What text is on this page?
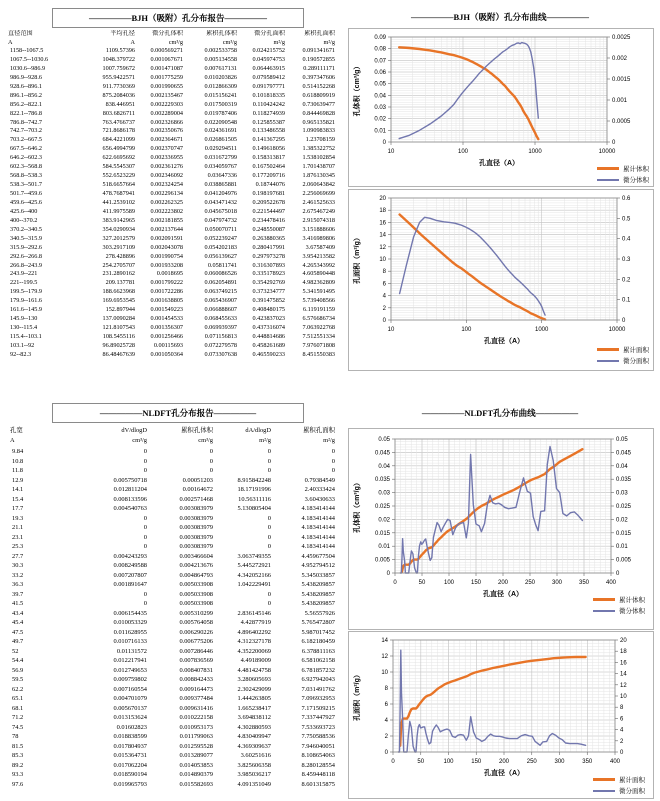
—————BJH（吸附）孔分布报告—————
直径范围	平均孔径	微分孔体积	累积孔体积	微分孔面积	累积孔面积
A	A	cm³/g	cm³/g	m²/g	m²/g
1158--1067.5	1109.57396	0.000569271	0.002533758	0.024215752	0.091341671
1067.5--1030.6	1048.379722	0.001067671	0.005134558	0.045974753	0.190572855
1030.6--986.9	1007.759672	0.001471087	0.007617131	0.064463915	0.289111171
986.9--928.6	955.9422571	0.001775259	0.010203826	0.079589412	0.397347606
928.6--896.1	911.7730369	0.001990655	0.012866309	0.091797771	0.514152268
896.1--856.2	875.2084036	0.002135467	0.015156241	0.101818335	0.618809919
856.2--822.1	838.446951	0.002229303	0.017500319	0.110424242	0.730639477
822.1--786.8	803.6826711	0.002289004	0.019787406	0.118274939	0.844469828
786.8--742.7	763.4766737	0.002326866	0.022090548	0.125855387	0.965135821
742.7--703.2	721.8686178	0.002350676	0.024361691	0.133486558	1.090983833
703.2--667.5	684.4221099	0.002364671	0.026861505	0.141367295	1.23708159
667.5--646.2	656.4994799	0.002370747	0.029294511	0.149618056	1.385322752
646.2--602.3	622.6695692	0.002336955	0.031672799	0.158313817	1.538102854
602.3--568.8	584.5545307	0.002361276	0.034059767	0.167502464	1.701438707
568.8--538.3	552.6523229	0.002346092	0.03647336	0.177209716	1.876130345
538.3--501.7	518.6657664	0.002324254	0.038865881	0.18744076	2.060643842
501.7--459.6	478.7687941	0.002296134	0.041204976	0.198197681	2.256069699
459.6--425.6	441.2539102	0.002262325	0.043471432	0.209522678	2.461525633
425.6--400	411.9975589	0.002223802	0.045675018	0.221544497	2.675467249
400--370.2	383.9142965	0.002181855	0.047974732	0.234478416	2.915074318
370.2--340.5	354.0290934	0.002137644	0.050070711	0.248550087	3.151888606
340.5--315.9	327.2012579	0.002091591	0.052239247	0.263880365	3.416989806
315.9--292.6	303.2917109	0.002043078	0.054202183	0.280417991	3.67587409
292.6--266.8	278.428896	0.001990754	0.056139627	0.297973278	3.954213582
266.8--243.9	254.2705707	0.001933208	0.05811741	0.316307893	4.265343992
243.9--221	231.2890162	0.0018695	0.060086526	0.335178923	4.605890448
221--199.5	209.137781	0.001799222	0.062054891	0.354292769	4.982362809
199.5--179.9	188.6623968	0.001722286	0.063749215	0.373234777	5.341591495
179.9--161.6	169.6953545	0.001638805	0.065436907	0.391475852	5.739408566
161.6--145.9	152.897944	0.001549223	0.066888607	0.408480175	6.119191159
145.9--130	137.0090284	0.001454533	0.068455633	0.423837023	6.576686734
130--115.4	121.8107543	0.001356307	0.069939397	0.437316074	7.063922768
115.4--103.1	108.5455116	0.001256466	0.071156813	0.448814686	7.512551334
103.1--92	96.89025728	0.00115693	0.072279578	0.458261689	7.976071808
92--82.3	86.48467639	0.001050364	0.073307638	0.465590233	8.451550383
—————NLDFT孔分布报告—————
孔宽	dV/dlogD	累积孔体积	dA/dlogD	累积孔面积
A	cm³/g	cm³/g	m²/g	m²/g
9.84	0	0	0	0
10.8	0	0	0	0
11.8	0	0	0	0
12.9	0.005750718	0.00051203	8.915842248	0.79384549
14.1	0.012811204	0.00164672	18.17191996	2.40333424
15.4	0.008133596	0.002571468	10.56311116	3.60430633
17.7	0.004540763	0.003083979	5.130805404	4.183414144
19.3	0	0.003083979	0	4.183414144
21.1	0	0.003083979	0	4.183414144
23.1	0	0.003083979	0	4.183414144
25.3	0	0.003083979	0	4.183414144
27.7	0.004243293	0.003466604	3.063749355	4.459677504
30.3	0.008249588	0.004213676	5.445272921	4.952794512
33.2	0.007207807	0.004864793	4.342052166	5.345033857
36.3	0.001891647	0.005033908	1.042229491	5.438209857
39.7	0	0.005033908	0	5.438209857
41.5	0	0.005033908	0	5.438209857
43.4	0.006154435	0.005310299	2.836145146	5.56557926
45.4	0.010053329	0.005764058	4.42877919	5.765472807
47.5	0.011628955	0.006290226	4.896402292	5.987017452
49.7	0.010716133	0.006775206	4.312327178	6.182180459
52	0.01131572	0.007286446	4.352200069	6.378811163
54.4	0.012217941	0.007836569	4.49189009	6.581062158
56.9	0.012749653	0.008407831	4.481424758	6.781857232
59.5	0.009759802	0.008842433	3.280605693	6.927942043
62.2	0.007160554	0.009164473	2.302429099	7.031491762
65.1	0.004701079	0.009377484	1.444263805	7.096932953
68.1	0.005670137	0.009631416	1.665238417	7.171509215
71.2	0.013153624	0.010222158	3.694838112	7.337447927
74.5	0.01602823	0.010953173	4.302880593	7.533693723
78	0.018838599	0.011799063	4.830409947	7.750588536
81.5	0.017804937	0.012595528	4.369309637	7.946040051
85.3	0.015364731	0.013289077	3.60251616	8.108654063
89.2	0.017062204	0.014053853	3.825606358	8.280128554
93.3	0.018590194	0.014890379	3.985036217	8.459448118
97.6	0.019965793	0.015582693	4.091351049	8.601315875
—————BJH（吸附）孔分布曲线—————
0
0.01
0.02
0.03
0.04
0.05
0.06
0.07
0.08
0.09
0
0.0005
0.001
0.0015
0.002
0.0025
10	100	1000	10000
孔直径（A）
孔体积（cm³/g）
累计体积
微分体积
0
2
4
6
8
10
12
14
16
18
20
0
0.1
0.2
0.3
0.4
0.5
0.6
10	100	1000	10000
孔直径（A）
孔面积（m²/g）
累计面积
微分面积
—————NLDFT孔分布曲线—————
0
0.005
0.01
0.015
0.02
0.025
0.03
0.035
0.04
0.045
0.05
0
0.005
0.01
0.015
0.02
0.025
0.03
0.035
0.04
0.045
0.05
0	50	100	150	200	250	300	350	400
孔直径（A）
孔体积（cm³/g）
累计体积
微分体积
0
2
4
6
8
10
12
14
0
2
4
6
8
10
12
14
16
18
20
0	50	100	150	200	250	300	350	400
孔直径（A）
孔面积（m²/g）
累计面积
微分面积
